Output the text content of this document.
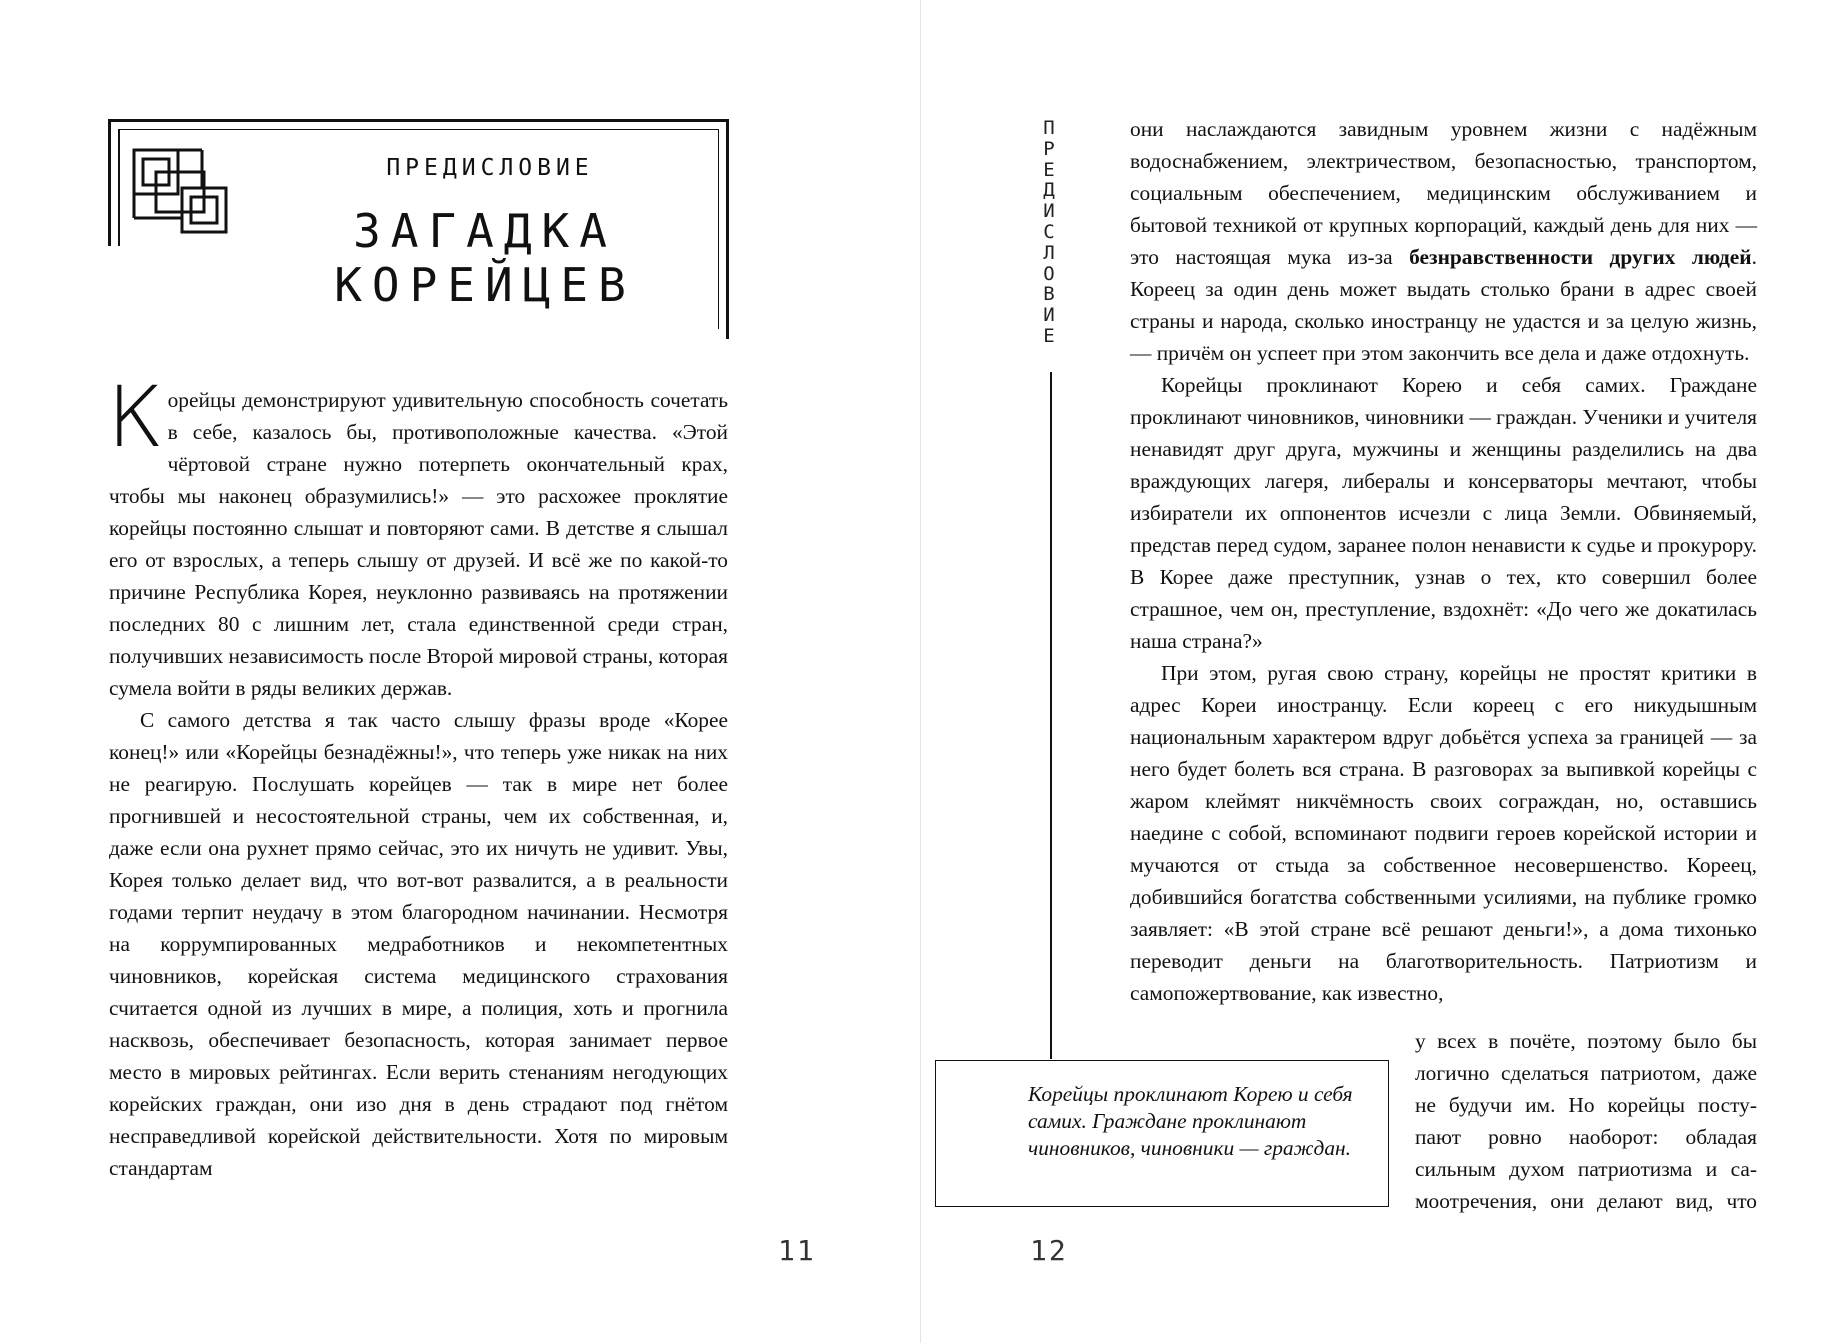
ПРЕДИСЛОВИЕ
ЗАГАДКА КОРЕЙЦЕВ

Корейцы демонстрируют удивительную способность сочетать в себе, казалось бы, противоположные качества. «Этой чёртовой стране нужно потерпеть окончательный крах, чтобы мы наконец образумились!» — это расхожее проклятие корейцы постоянно слышат и повторяют сами. В детстве я слышал его от взрослых, а теперь слышу от друзей. И всё же по какой-то причине Республика Корея, неуклонно развиваясь на протяжении последних 80 с лишним лет, стала единственной среди стран, получивших независимость после Второй мировой страны, которая сумела войти в ряды великих держав.

С самого детства я так часто слышу фразы вроде «Корее конец!» или «Корейцы безнадёжны!», что теперь уже никак на них не реагирую. Послушать корейцев — так в мире нет более прогнившей и несостоятельной страны, чем их собственная, и, даже если она рухнет прямо сейчас, это их ничуть не удивит. Увы, Корея только делает вид, что вот-вот развалится, а в реальности годами терпит неудачу в этом благородном начинании. Несмотря на коррумпированных медработников и некомпетентных чиновников, корейская система медицинского страхования считается одной из лучших в мире, а полиция, хоть и прогнила насквозь, обеспечивает безопасность, которая занимает первое место в мировых рейтингах. Если верить стенаниям негодующих корейских граждан, они изо дня в день страдают под гнётом несправедливой корейской действительности. Хотя по мировым стандартам

11
П
Р
Е
Д
И
С
Л
О
В
И
Е

они наслаждаются завидным уровнем жизни с надёжным водоснабжением, электричеством, безопасностью, транспортом, социальным обеспечением, медицинским обслуживанием и бытовой техникой от крупных корпораций, каждый день для них — это настоящая мука из-за безнравственности других людей. Кореец за один день может выдать столько брани в адрес своей страны и народа, сколько иностранцу не удастся и за целую жизнь, — причём он успеет при этом закончить все дела и даже отдохнуть.

Корейцы проклинают Корею и себя самих. Граждане проклинают чиновников, чиновники — граждан. Ученики и учителя ненавидят друг друга, мужчины и женщины разделились на два враждующих лагеря, либералы и консерваторы мечтают, чтобы избиратели их оппонентов исчезли с лица Земли. Обвиняемый, представ перед судом, заранее полон ненависти к судье и прокурору. В Корее даже преступник, узнав о тех, кто совершил более страшное, чем он, преступление, вздохнёт: «До чего же докатилась наша страна?»

При этом, ругая свою страну, корейцы не простят критики в адрес Кореи иностранцу. Если кореец с его никудышным национальным характером вдруг добьётся успеха за границей — за него будет болеть вся страна. В разговорах за выпивкой корейцы с жаром клеймят никчёмность своих сограждан, но, оставшись наедине с собой, вспоминают подвиги героев корейской истории и мучаются от стыда за собственное несовершенство. Кореец, добившийся богатства собственными усилиями, на публике громко заявляет: «В этой стране всё решают деньги!», а дома тихонько переводит деньги на благотворительность. Патриотизм и самопожертвование, как известно,

у всех в почёте, поэтому было бы
логично сделаться патриотом, даже
не будучи им. Но корейцы посту-
пают ровно наоборот: обладая
сильным духом патриотизма и са-
моотречения, они делают вид, что
Корейцы проклинают Корею и себя самих. Граждане проклинают чиновников, чиновники — граждан.
12
